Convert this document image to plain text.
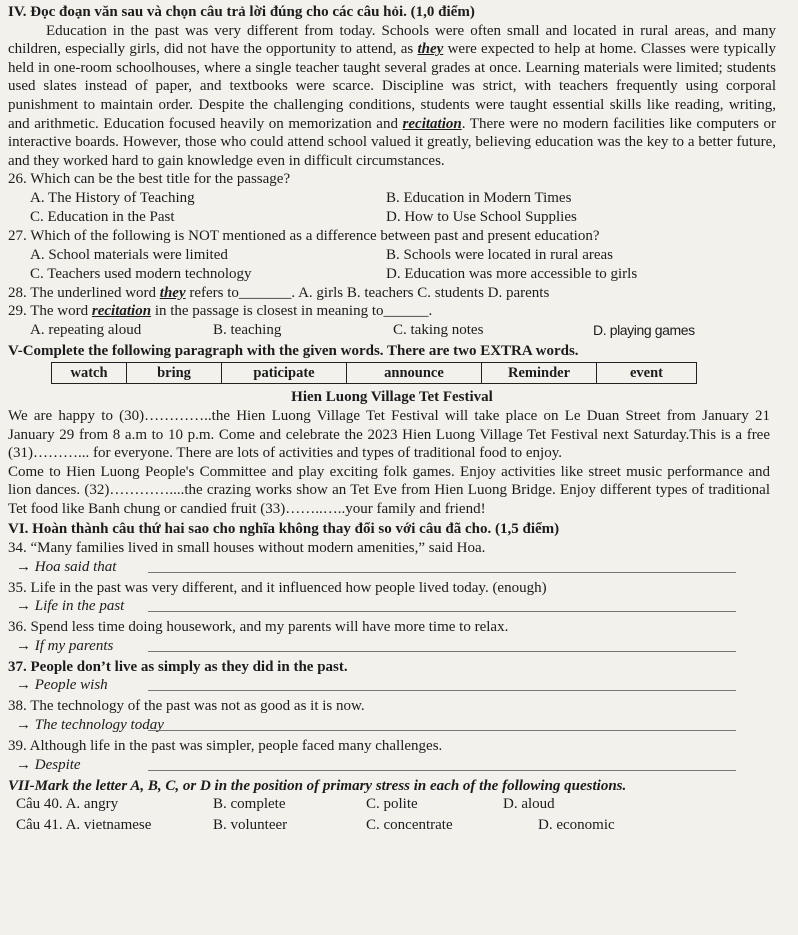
IV. Đọc đoạn văn sau và chọn câu trả lời đúng cho các câu hỏi. (1,0 điểm)

Education in the past was very different from today. Schools were often small and located in rural areas, and many children, especially girls, did not have the opportunity to attend, as they were expected to help at home. Classes were typically held in one-room schoolhouses, where a single teacher taught several grades at once. Learning materials were limited; students used slates instead of paper, and textbooks were scarce. Discipline was strict, with teachers frequently using corporal punishment to maintain order. Despite the challenging conditions, students were taught essential skills like reading, writing, and arithmetic. Education focused heavily on memorization and recitation. There were no modern facilities like computers or interactive boards. However, those who could attend school valued it greatly, believing education was the key to a better future, and they worked hard to gain knowledge even in difficult circumstances.

26. Which can be the best title for the passage?
A. The History of Teaching	B. Education in Modern Times
C. Education in the Past	D. How to Use School Supplies
27. Which of the following is NOT mentioned as a difference between past and present education?
A. School materials were limited	B. Schools were located in rural areas
C. Teachers used modern technology	D. Education was more accessible to girls
28. The underlined word they refers to_______. A. girls B. teachers C. students D. parents
29. The word recitation in the passage is closest in meaning to______.
A. repeating aloud	B. teaching	C. taking notes	D. playing games
V-Complete the following paragraph with the given words. There are two EXTRA words.
watch	bring	paticipate	announce	Reminder	event
Hien Luong Village Tet Festival

We are happy to (30)…………..the Hien Luong Village Tet Festival will take place on Le Duan Street from January 21 January 29 from 8 a.m to 10 p.m. Come and celebrate the 2023 Hien Luong Village Tet Festival next Saturday.This is a free (31)………... for everyone. There are lots of activities and types of traditional food to enjoy.

Come to Hien Luong People's Committee and play exciting folk games. Enjoy activities like street music performance and lion dances. (32)…………....the crazing works show an Tet Eve from Hien Luong Bridge. Enjoy different types of traditional Tet food like Banh chung or candied fruit (33)……..…..your family and friend!

VI. Hoàn thành câu thứ hai sao cho nghĩa không thay đổi so với câu đã cho. (1,5 điểm)
34. “Many families lived in small houses without modern amenities,” said Hoa.
→ Hoa said that
35. Life in the past was very different, and it influenced how people lived today. (enough)
→ Life in the past
36. Spend less time doing housework, and my parents will have more time to relax.
→ If my parents
37. People don’t live as simply as they did in the past.
→ People wish
38. The technology of the past was not as good as it is now.
→ The technology today
39. Although life in the past was simpler, people faced many challenges.
→ Despite
VII-Mark the letter A, B, C, or D in the position of primary stress in each of the following questions.
Câu 40. A. angry	B. complete	C. polite	D. aloud
Câu 41. A. vietnamese	B. volunteer	C. concentrate	D. economic
